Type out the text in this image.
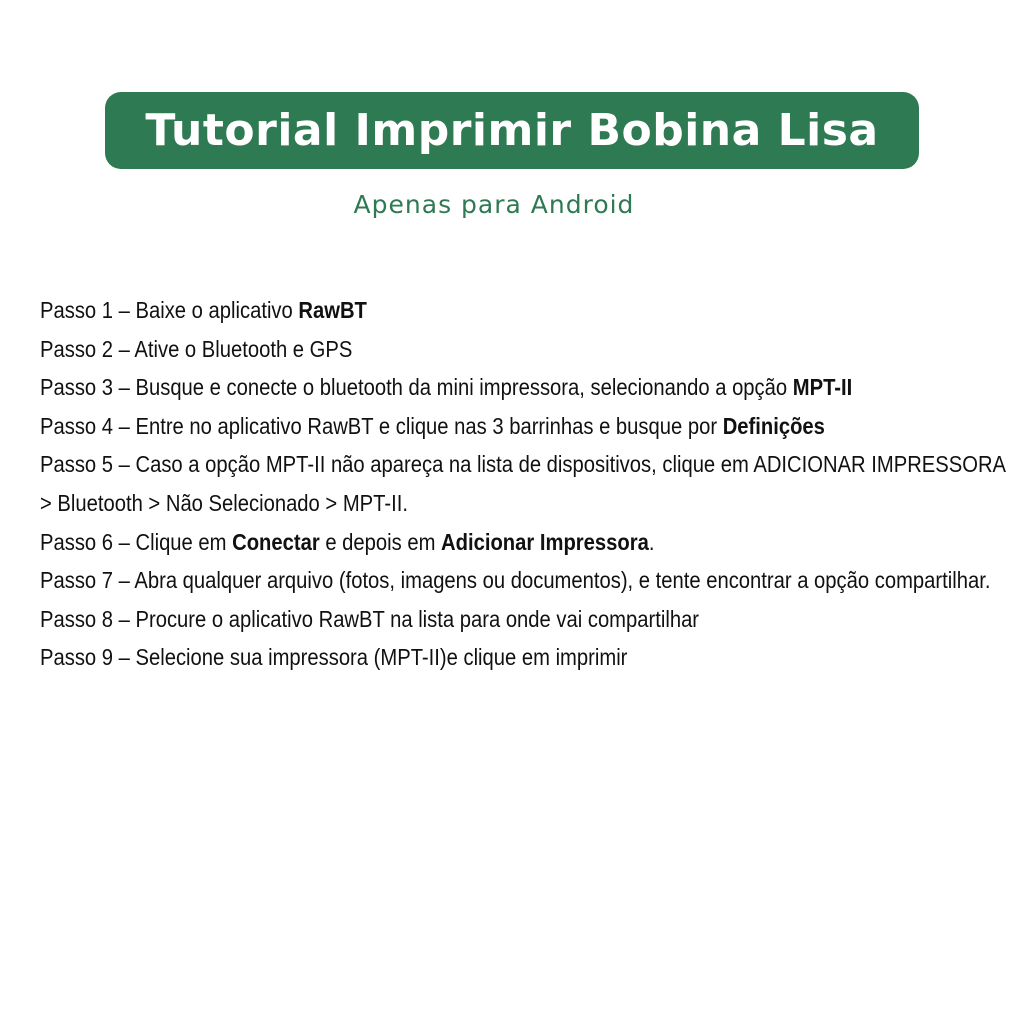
Tutorial Imprimir Bobina Lisa
Apenas para Android
Passo 1 – Baixe o aplicativo RawBT
Passo 2 – Ative o Bluetooth e GPS
Passo 3 – Busque e conecte o bluetooth da mini impressora, selecionando a opção MPT-II
Passo 4 – Entre no aplicativo RawBT e clique nas 3 barrinhas e busque por Definições
Passo 5 – Caso a opção MPT-II não apareça na lista de dispositivos, clique em ADICIONAR IMPRESSORA > Bluetooth > Não Selecionado > MPT-II.
Passo 6 – Clique em Conectar e depois em Adicionar Impressora.
Passo 7 – Abra qualquer arquivo (fotos, imagens ou documentos), e tente encontrar a opção compartilhar.
Passo 8 – Procure o aplicativo RawBT na lista para onde vai compartilhar
Passo 9 – Selecione sua impressora (MPT-II)e clique em imprimir
